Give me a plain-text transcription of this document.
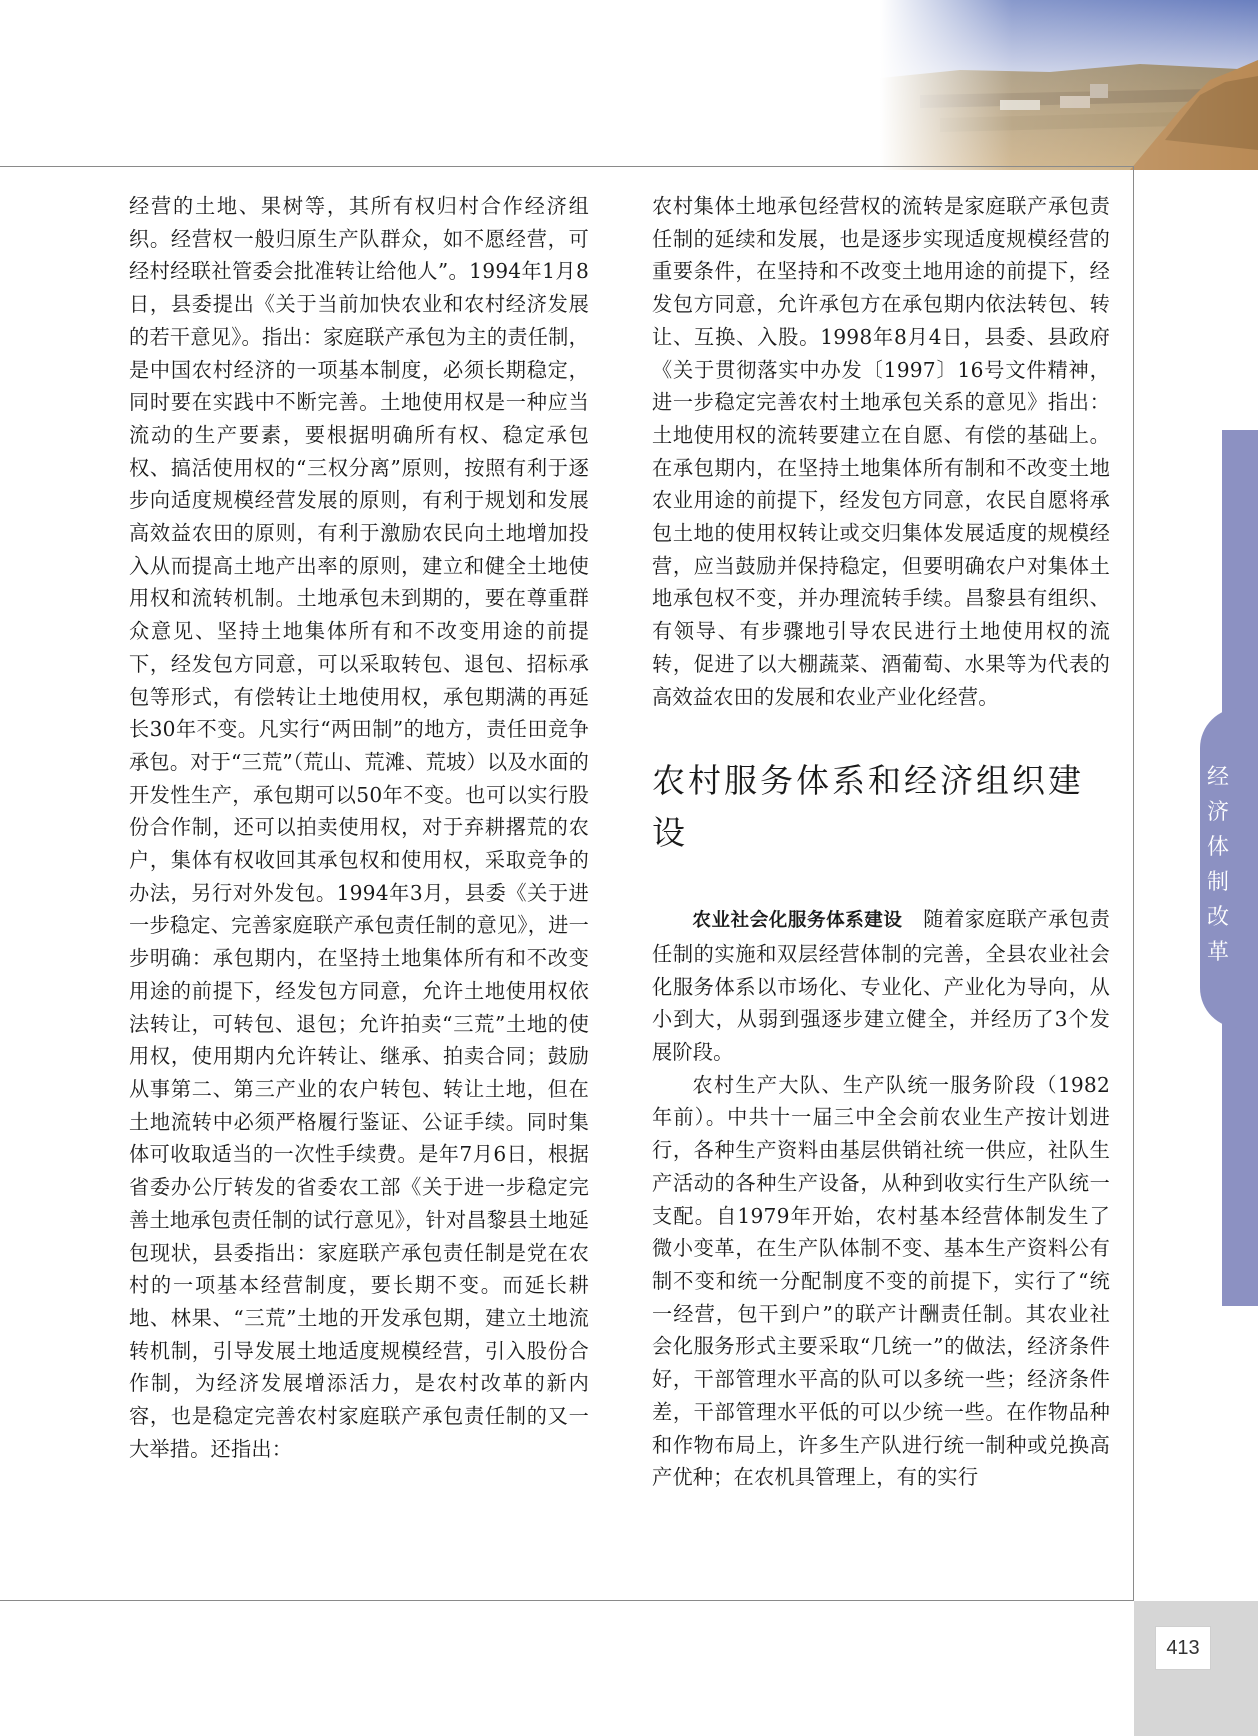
经济体制改革

经营的土地、果树等，其所有权归村合作经济组织。经营权一般归原生产队群众，如不愿经营，可经村经联社管委会批准转让给他人”。1994年1月8日，县委提出《关于当前加快农业和农村经济发展的若干意见》。指出：家庭联产承包为主的责任制，是中国农村经济的一项基本制度，必须长期稳定，同时要在实践中不断完善。土地使用权是一种应当流动的生产要素，要根据明确所有权、稳定承包权、搞活使用权的“三权分离”原则，按照有利于逐步向适度规模经营发展的原则，有利于规划和发展高效益农田的原则，有利于激励农民向土地增加投入从而提高土地产出率的原则，建立和健全土地使用权和流转机制。土地承包未到期的，要在尊重群众意见、坚持土地集体所有和不改变用途的前提下，经发包方同意，可以采取转包、退包、招标承包等形式，有偿转让土地使用权，承包期满的再延长30年不变。凡实行“两田制”的地方，责任田竞争承包。对于“三荒”（荒山、荒滩、荒坡）以及水面的开发性生产，承包期可以50年不变。也可以实行股份合作制，还可以拍卖使用权，对于弃耕撂荒的农户，集体有权收回其承包权和使用权，采取竞争的办法，另行对外发包。1994年3月，县委《关于进一步稳定、完善家庭联产承包责任制的意见》，进一步明确：承包期内，在坚持土地集体所有和不改变用途的前提下，经发包方同意，允许土地使用权依法转让，可转包、退包；允许拍卖“三荒”土地的使用权，使用期内允许转让、继承、拍卖合同；鼓励从事第二、第三产业的农户转包、转让土地，但在土地流转中必须严格履行鉴证、公证手续。同时集体可收取适当的一次性手续费。是年7月6日，根据省委办公厅转发的省委农工部《关于进一步稳定完善土地承包责任制的试行意见》，针对昌黎县土地延包现状，县委指出：家庭联产承包责任制是党在农村的一项基本经营制度，要长期不变。而延长耕地、林果、“三荒”土地的开发承包期，建立土地流转机制，引导发展土地适度规模经营，引入股份合作制，为经济发展增添活力，是农村改革的新内容，也是稳定完善农村家庭联产承包责任制的又一大举措。还指出：

农村集体土地承包经营权的流转是家庭联产承包责任制的延续和发展，也是逐步实现适度规模经营的重要条件，在坚持和不改变土地用途的前提下，经发包方同意，允许承包方在承包期内依法转包、转让、互换、入股。1998年8月4日，县委、县政府《关于贯彻落实中办发〔1997〕16号文件精神，进一步稳定完善农村土地承包关系的意见》指出：土地使用权的流转要建立在自愿、有偿的基础上。在承包期内，在坚持土地集体所有制和不改变土地农业用途的前提下，经发包方同意，农民自愿将承包土地的使用权转让或交归集体发展适度的规模经营，应当鼓励并保持稳定，但要明确农户对集体土地承包权不变，并办理流转手续。昌黎县有组织、有领导、有步骤地引导农民进行土地使用权的流转，促进了以大棚蔬菜、酒葡萄、水果等为代表的高效益农田的发展和农业产业化经营。

农村服务体系和经济组织建设

农业社会化服务体系建设　随着家庭联产承包责任制的实施和双层经营体制的完善，全县农业社会化服务体系以市场化、专业化、产业化为导向，从小到大，从弱到强逐步建立健全，并经历了3个发展阶段。

农村生产大队、生产队统一服务阶段（1982年前）。中共十一届三中全会前农业生产按计划进行，各种生产资料由基层供销社统一供应，社队生产活动的各种生产设备，从种到收实行生产队统一支配。自1979年开始，农村基本经营体制发生了微小变革，在生产队体制不变、基本生产资料公有制不变和统一分配制度不变的前提下，实行了“统一经营，包干到户”的联产计酬责任制。其农业社会化服务形式主要采取“几统一”的做法，经济条件好，干部管理水平高的队可以多统一些；经济条件差，干部管理水平低的可以少统一些。在作物品种和作物布局上，许多生产队进行统一制种或兑换高产优种；在农机具管理上，有的实行

413
